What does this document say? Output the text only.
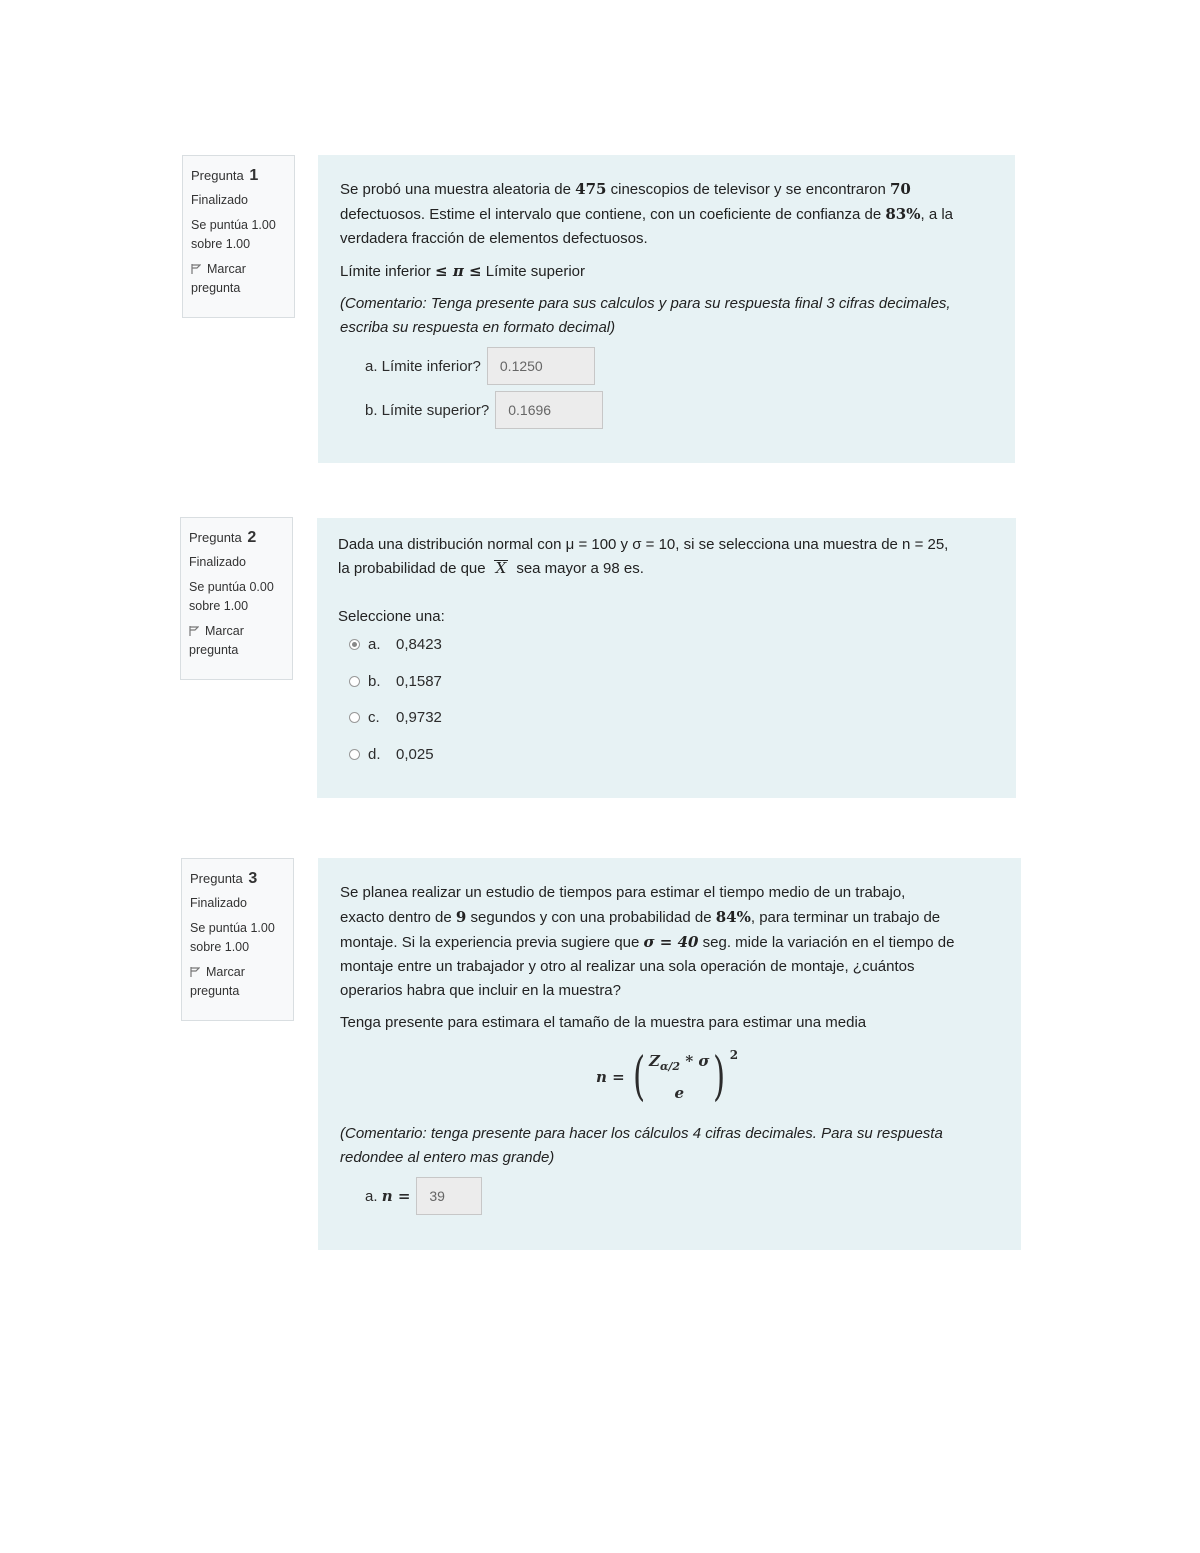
Pregunta 1
Finalizado
Se puntúa 1.00
sobre 1.00
Marcar
pregunta

Se probó una muestra aleatoria de 475 cinescopios de televisor y se encontraron 70
defectuosos. Estime el intervalo que contiene, con un coeficiente de confianza de 83%, a la
verdadera fracción de elementos defectuosos.

Límite inferior ≤ π ≤ Límite superior

(Comentario: Tenga presente para sus calculos y para su respuesta final 3 cifras decimales,
escriba su respuesta en formato decimal)

a. Límite inferior?	0.1250
b. Límite superior?	0.1696
Pregunta 2
Finalizado
Se puntúa 0.00
sobre 1.00
Marcar
pregunta

Dada una distribución normal con μ = 100 y σ = 10, si se selecciona una muestra de n = 25,
la probabilidad de que X sea mayor a 98 es.

Seleccione una:

a.	0,8423
b.	0,1587
c.	0,9732
d.	0,025
Pregunta 3
Finalizado
Se puntúa 1.00
sobre 1.00
Marcar
pregunta

Se planea realizar un estudio de tiempos para estimar el tiempo medio de un trabajo,
exacto dentro de 9 segundos y con una probabilidad de 84%, para terminar un trabajo de
montaje. Si la experiencia previa sugiere que σ = 40 seg. mide la variación en el tiempo de
montaje entre un trabajador y otro al realizar una sola operación de montaje, ¿cuántos
operarios habra que incluir en la muestra?

Tenga presente para estimara el tamaño de la muestra para estimar una media

n = ( $Z_{\alpha/2}$ * σ
e ) 2

(Comentario: tenga presente para hacer los cálculos 4 cifras decimales. Para su respuesta
redondee al entero mas grande)

a. n =	39
